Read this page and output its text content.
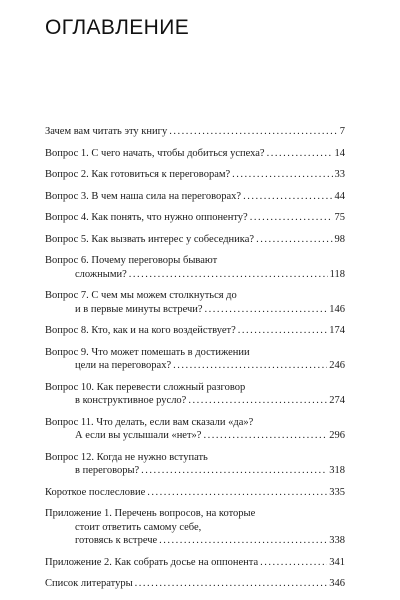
ОГЛАВЛЕНИЕ
Зачем вам читать эту книгу .....	7
Вопрос 1. С чего начать, чтобы добиться успеха? .....	14
Вопрос 2. Как готовиться к переговорам? .....	33
Вопрос 3. В чем наша сила на переговорах? .....	44
Вопрос 4. Как понять, что нужно оппоненту? .....	75
Вопрос 5. Как вызвать интерес у собеседника? .....	98
Вопрос 6. Почему переговоры бывают
сложными? .....	118
Вопрос 7. С чем мы можем столкнуться до
и в первые минуты встречи? .....	146
Вопрос 8. Кто, как и на кого воздействует? .....	174
Вопрос 9. Что может помешать в достижении
цели на переговорах? .....	246
Вопрос 10. Как перевести сложный разговор
в конструктивное русло? .....	274
Вопрос 11. Что делать, если вам сказали «да»?
А если вы услышали «нет»? .....	296
Вопрос 12. Когда не нужно вступать
в переговоры? .....	318
Короткое послесловие .....	335
Приложение 1. Перечень вопросов, на которые
стоит ответить самому себе,
готовясь к встрече .....	338
Приложение 2. Как собрать досье на оппонента .....	341
Список литературы .....	346
